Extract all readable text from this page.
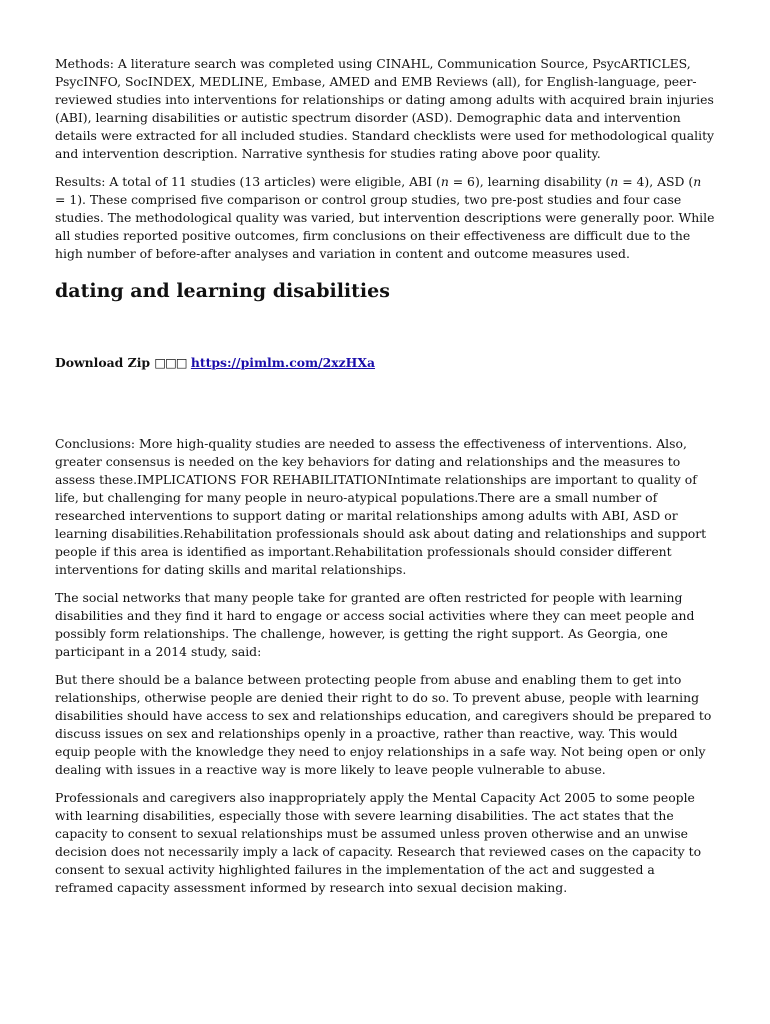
Methods: A literature search was completed using CINAHL, Communication Source, PsycARTICLES, PsycINFO, SocINDEX, MEDLINE, Embase, AMED and EMB Reviews (all), for English-language, peer-reviewed studies into interventions for relationships or dating among adults with acquired brain injuries (ABI), learning disabilities or autistic spectrum disorder (ASD). Demographic data and intervention details were extracted for all included studies. Standard checklists were used for methodological quality and intervention description. Narrative synthesis for studies rating above poor quality.

Results: A total of 11 studies (13 articles) were eligible, ABI (n = 6), learning disability (n = 4), ASD (n = 1). These comprised five comparison or control group studies, two pre-post studies and four case studies. The methodological quality was varied, but intervention descriptions were generally poor. While all studies reported positive outcomes, firm conclusions on their effectiveness are difficult due to the high number of before-after analyses and variation in content and outcome measures used.

dating and learning disabilities
Download Zip □□□ https://pimlm.com/2xzHXa

Conclusions: More high-quality studies are needed to assess the effectiveness of interventions. Also, greater consensus is needed on the key behaviors for dating and relationships and the measures to assess these.IMPLICATIONS FOR REHABILITATIONIntimate relationships are important to quality of life, but challenging for many people in neuro-atypical populations.There are a small number of researched interventions to support dating or marital relationships among adults with ABI, ASD or learning disabilities.Rehabilitation professionals should ask about dating and relationships and support people if this area is identified as important.Rehabilitation professionals should consider different interventions for dating skills and marital relationships.

The social networks that many people take for granted are often restricted for people with learning disabilities and they find it hard to engage or access social activities where they can meet people and possibly form relationships. The challenge, however, is getting the right support. As Georgia, one participant in a 2014 study, said:

But there should be a balance between protecting people from abuse and enabling them to get into relationships, otherwise people are denied their right to do so. To prevent abuse, people with learning disabilities should have access to sex and relationships education, and caregivers should be prepared to discuss issues on sex and relationships openly in a proactive, rather than reactive, way. This would equip people with the knowledge they need to enjoy relationships in a safe way. Not being open or only dealing with issues in a reactive way is more likely to leave people vulnerable to abuse.

Professionals and caregivers also inappropriately apply the Mental Capacity Act 2005 to some people with learning disabilities, especially those with severe learning disabilities. The act states that the capacity to consent to sexual relationships must be assumed unless proven otherwise and an unwise decision does not necessarily imply a lack of capacity. Research that reviewed cases on the capacity to consent to sexual activity highlighted failures in the implementation of the act and suggested a reframed capacity assessment informed by research into sexual decision making.
